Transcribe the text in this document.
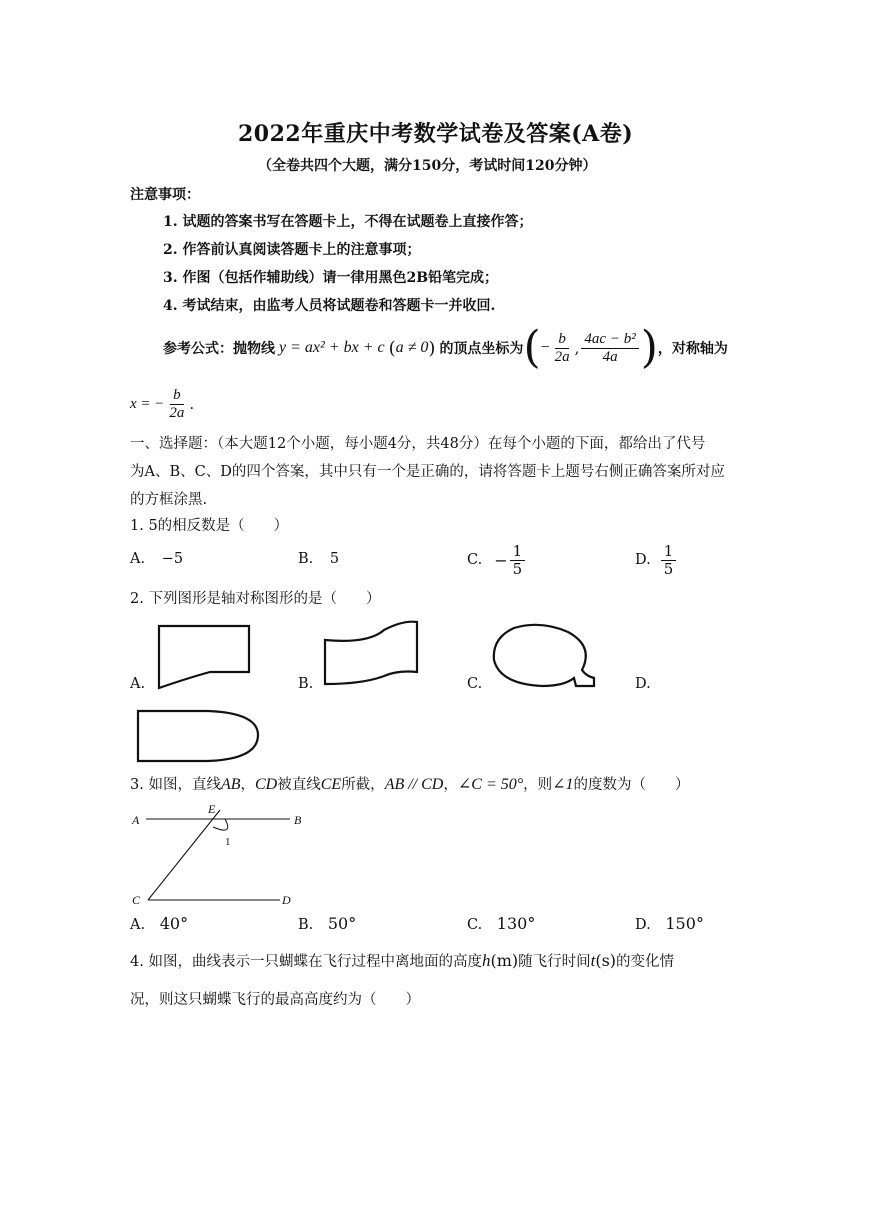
2022年重庆中考数学试卷及答案(A卷)
（全卷共四个大题，满分150分，考试时间120分钟）
注意事项：
1. 试题的答案书写在答题卡上，不得在试题卷上直接作答；
2. 作答前认真阅读答题卡上的注意事项；
3. 作图（包括作辅助线）请一律用黑色2B铅笔完成；
4. 考试结束，由监考人员将试题卷和答题卡一并收回.
参考公式：抛物线 y = ax² + bx + c ( a ≠ 0 ) 的顶点坐标为 ( − $\frac{b}{2a}$ , $\frac{\text{4ac − b²}}{4a}$ ) ，对称轴为
x = − $\frac{b}{2a}$ .
一、选择题：（本大题12个小题，每小题4分，共48分）在每个小题的下面，都给出了代号
为A、B、C、D的四个答案，其中只有一个是正确的，请将答题卡上题号右侧正确答案所对应
的方框涂黑.
1. 5的相反数是（　　）
A. −5	B. 5	C. − $\frac{1}{5}$	D. $\frac{1}{5}$
2. 下列图形是轴对称图形的是（　　）
A.	B.	C.	D.
3. 如图，直线AB，CD被直线CE所截，AB // CD，∠C = 50°，则∠1的度数为（　　）
A	B
C	D
E
1
A. 40°	B. 50°	C. 130°	D. 150°
4. 如图，曲线表示一只蝴蝶在飞行过程中离地面的高度h(m)随飞行时间t(s)的变化情
况，则这只蝴蝶飞行的最高高度约为（　　）
